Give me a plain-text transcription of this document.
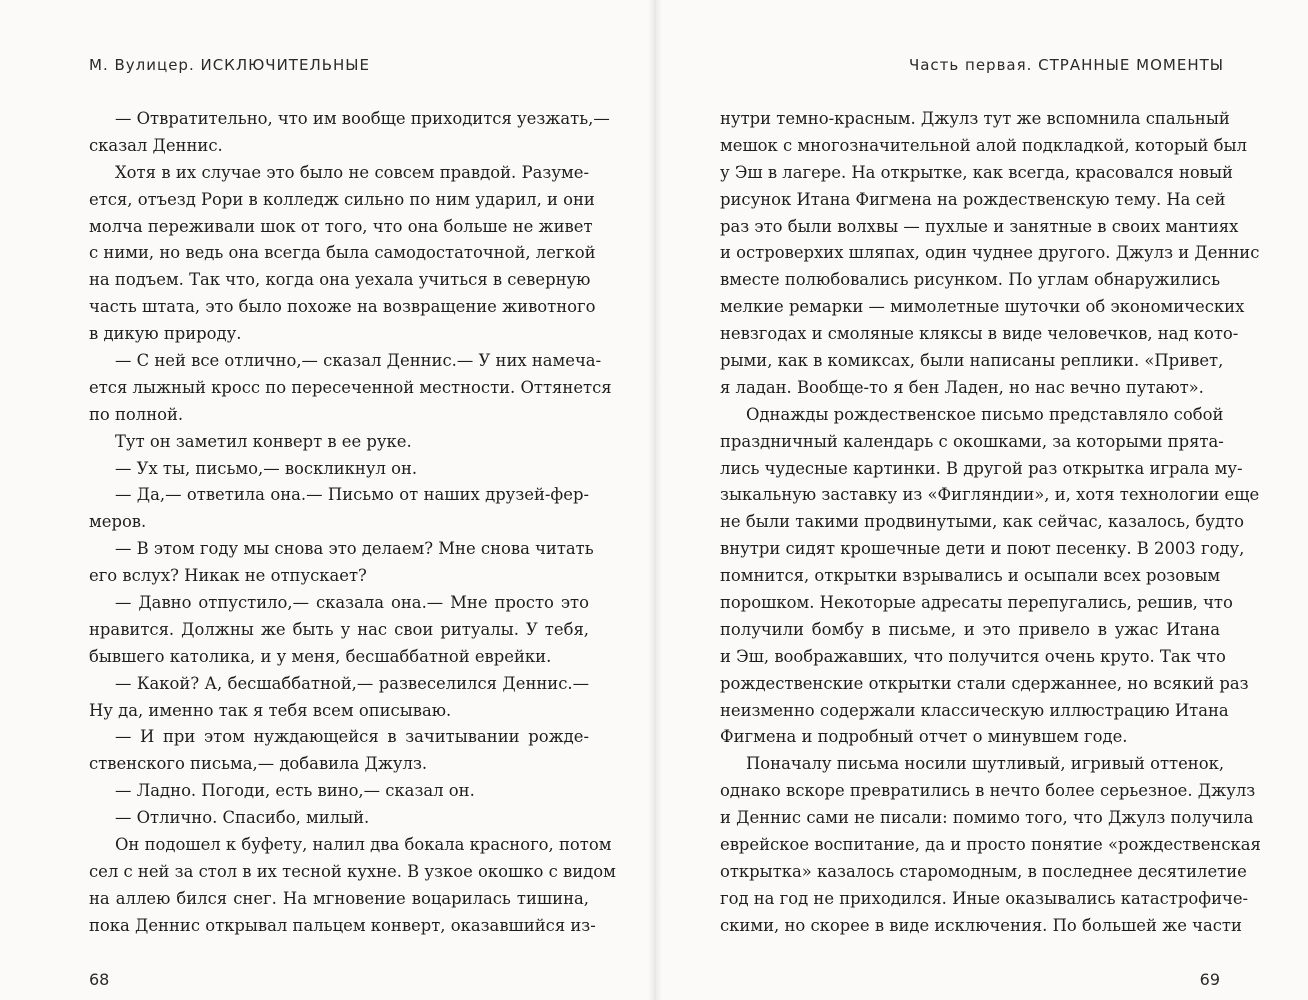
М. Вулицер. ИСКЛЮЧИТЕЛЬНЫЕ
— Отвратительно, что им вообще приходится уезжать,—
сказал Деннис.
Хотя в их случае это было не совсем правдой. Разуме-
ется, отъезд Рори в колледж сильно по ним ударил, и они
молча переживали шок от того, что она больше не живет
с ними, но ведь она всегда была самодостаточной, легкой
на подъем. Так что, когда она уехала учиться в северную
часть штата, это было похоже на возвращение животного
в дикую природу.
— С ней все отлично,— сказал Деннис.— У них намеча-
ется лыжный кросс по пересеченной местности. Оттянется
по полной.
Тут он заметил конверт в ее руке.
— Ух ты, письмо,— воскликнул он.
— Да,— ответила она.— Письмо от наших друзей-фер-
меров.
— В этом году мы снова это делаем? Мне снова читать
его вслух? Никак не отпускает?
— Давно отпустило,— сказала она.— Мне просто это
нравится. Должны же быть у нас свои ритуалы. У тебя,
бывшего католика, и у меня, бесшаббатной еврейки.
— Какой? А, бесшаббатной,— развеселился Деннис.—
Ну да, именно так я тебя всем описываю.
— И при этом нуждающейся в зачитывании рожде-
ственского письма,— добавила Джулз.
— Ладно. Погоди, есть вино,— сказал он.
— Отлично. Спасибо, милый.
Он подошел к буфету, налил два бокала красного, потом
сел с ней за стол в их тесной кухне. В узкое окошко с видом
на аллею бился снег. На мгновение воцарилась тишина,
пока Деннис открывал пальцем конверт, оказавшийся из-
68
Часть первая. СТРАННЫЕ МОМЕНТЫ
нутри темно-красным. Джулз тут же вспомнила спальный
мешок с многозначительной алой подкладкой, который был
у Эш в лагере. На открытке, как всегда, красовался новый
рисунок Итана Фигмена на рождественскую тему. На сей
раз это были волхвы — пухлые и занятные в своих мантиях
и островерхих шляпах, один чуднее другого. Джулз и Деннис
вместе полюбовались рисунком. По углам обнаружились
мелкие ремарки — мимолетные шуточки об экономических
невзгодах и смоляные кляксы в виде человечков, над кото-
рыми, как в комиксах, были написаны реплики. «Привет,
я ладан. Вообще-то я бен Ладен, но нас вечно путают».
Однажды рождественское письмо представляло собой
праздничный календарь с окошками, за которыми прята-
лись чудесные картинки. В другой раз открытка играла му-
зыкальную заставку из «Фигляндии», и, хотя технологии еще
не были такими продвинутыми, как сейчас, казалось, будто
внутри сидят крошечные дети и поют песенку. В 2003 году,
помнится, открытки взрывались и осыпали всех розовым
порошком. Некоторые адресаты перепугались, решив, что
получили бомбу в письме, и это привело в ужас Итана
и Эш, воображавших, что получится очень круто. Так что
рождественские открытки стали сдержаннее, но всякий раз
неизменно содержали классическую иллюстрацию Итана
Фигмена и подробный отчет о минувшем годе.
Поначалу письма носили шутливый, игривый оттенок,
однако вскоре превратились в нечто более серьезное. Джулз
и Деннис сами не писали: помимо того, что Джулз получила
еврейское воспитание, да и просто понятие «рождественская
открытка» казалось старомодным, в последнее десятилетие
год на год не приходился. Иные оказывались катастрофиче-
скими, но скорее в виде исключения. По большей же части
69
